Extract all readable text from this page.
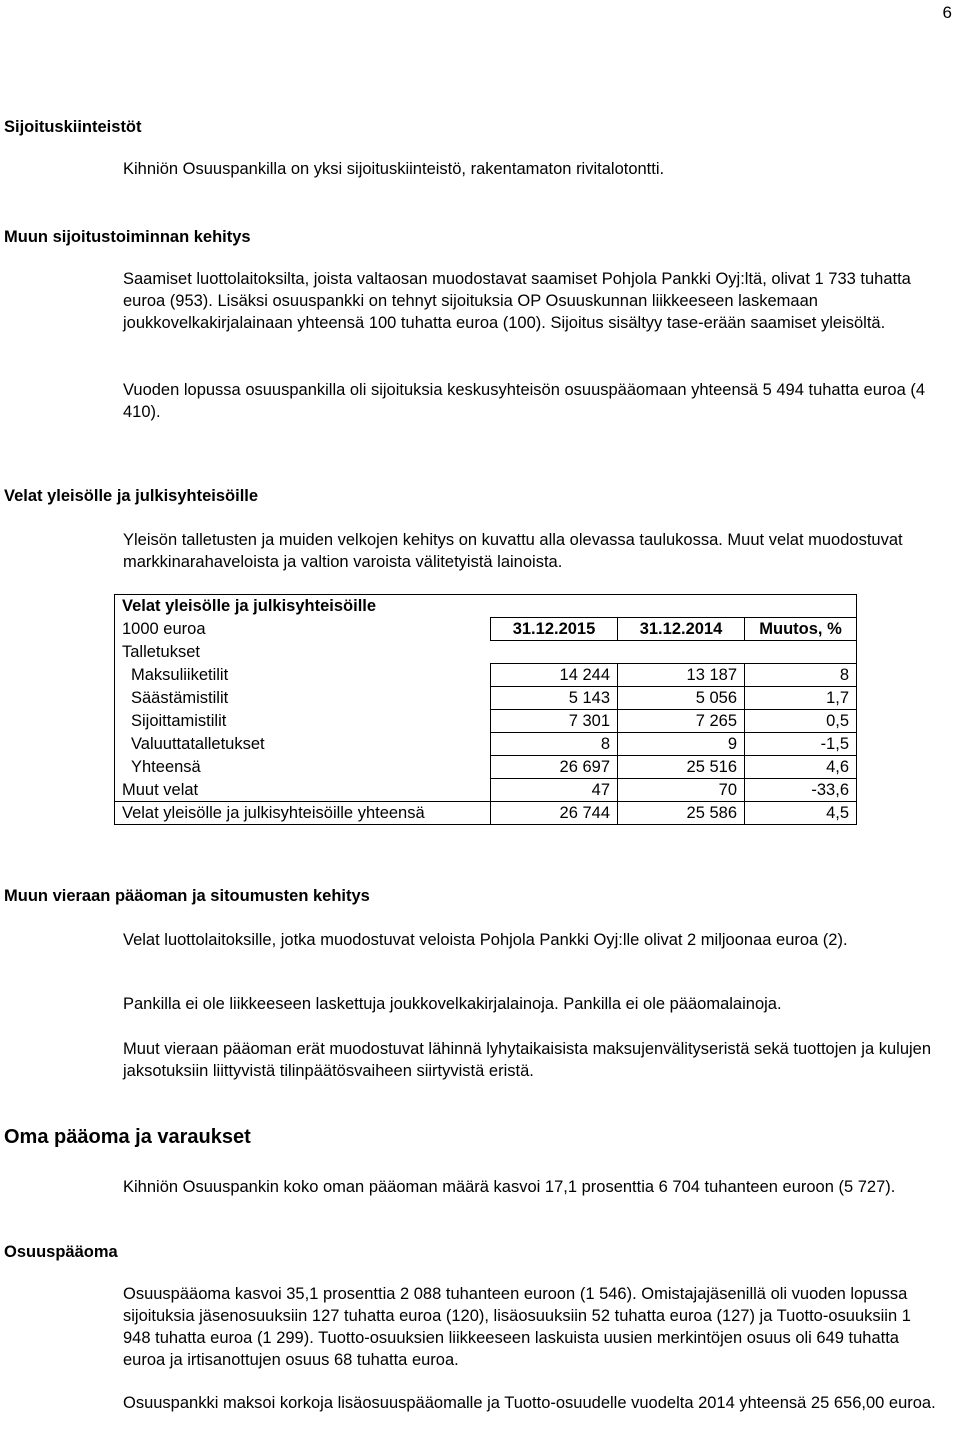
6
Sijoituskiinteistöt
Kihniön Osuuspankilla on yksi sijoituskiinteistö, rakentamaton rivitalotontti.
Muun sijoitustoiminnan kehitys
Saamiset luottolaitoksilta, joista valtaosan muodostavat saamiset Pohjola Pankki Oyj:ltä, olivat 1 733 tuhatta euroa (953). Lisäksi osuuspankki on tehnyt sijoituksia OP Osuuskunnan liikkeeseen laskemaan joukkovelkakirjalainaan yhteensä 100 tuhatta euroa (100). Sijoitus sisältyy tase-erään saamiset yleisöltä.
Vuoden lopussa osuuspankilla oli sijoituksia keskusyhteisön osuuspääomaan yhteensä 5 494 tuhatta euroa (4 410).
Velat yleisölle ja julkisyhteisöille
Yleisön talletusten ja muiden velkojen kehitys on kuvattu alla olevassa taulukossa. Muut velat muodostuvat markkinarahaveloista ja valtion varoista välitetyistä lainoista.
Velat yleisölle ja julkisyhteisöille			
1000 euroa	31.12.2015	31.12.2014	Muutos, %
Talletukset			
Maksuliiketilit	14 244	13 187	8
Säästämistilit	5 143	5 056	1,7
Sijoittamistilit	7 301	7 265	0,5
Valuuttatalletukset	8	9	-1,5
Yhteensä	26 697	25 516	4,6
Muut velat	47	70	-33,6
Velat yleisölle ja julkisyhteisöille yhteensä	26 744	25 586	4,5
Muun vieraan pääoman ja sitoumusten kehitys
Velat luottolaitoksille, jotka muodostuvat veloista Pohjola Pankki Oyj:lle olivat 2 miljoonaa euroa (2).
Pankilla ei ole liikkeeseen laskettuja joukkovelkakirjalainoja. Pankilla ei ole pääomalainoja.
Muut vieraan pääoman erät muodostuvat lähinnä lyhytaikaisista maksujenvälityseristä sekä tuottojen ja kulujen jaksotuksiin liittyvistä tilinpäätösvaiheen siirtyvistä eristä.
Oma pääoma ja varaukset
Kihniön Osuuspankin koko oman pääoman määrä kasvoi 17,1 prosenttia 6 704 tuhanteen euroon (5 727).
Osuuspääoma
Osuuspääoma kasvoi 35,1 prosenttia 2 088 tuhanteen euroon (1 546). Omistajajäsenillä oli vuoden lopussa sijoituksia jäsenosuuksiin 127 tuhatta euroa (120), lisäosuuksiin 52 tuhatta euroa (127) ja Tuotto-osuuksiin 1 948 tuhatta euroa (1 299). Tuotto-osuuksien liikkeeseen laskuista uusien merkintöjen osuus oli 649 tuhatta euroa ja irtisanottujen osuus 68 tuhatta euroa.
Osuuspankki maksoi korkoja lisäosuuspääomalle ja Tuotto-osuudelle vuodelta 2014 yhteensä 25 656,00 euroa.
